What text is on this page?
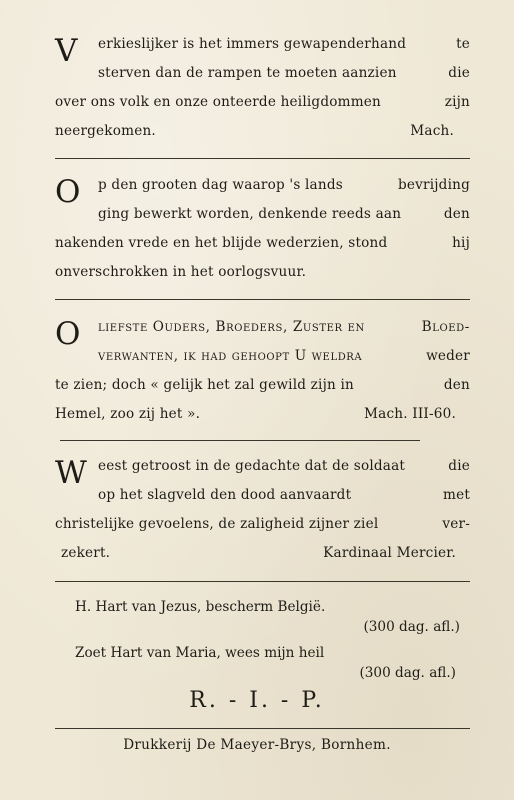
V erkieslijker is het immers gewapenderhand	te
sterven dan de rampen te moeten aanzien	die
over ons volk en onze onteerde heiligdommen	zijn
neergekomen.	Mach.
O p den grooten dag waarop 's lands	bevrijding
ging bewerkt worden, denkende reeds aan	den
nakenden vrede en het blijde wederzien, stond	hij
onverschrokken in het oorlogsvuur.
O liefste Ouders, Broeders, Zuster en	Bloed-
verwanten, ik had gehoopt U weldra	weder
te zien; doch « gelijk het zal gewild zijn in	den
Hemel, zoo zij het ».	Mach. III-60.
W eest getroost in de gedachte dat de soldaat	die
op het slagveld den dood aanvaardt	met
christelijke gevoelens, de zaligheid zijner ziel	ver-
zekert.	Kardinaal Mercier.
H. Hart van Jezus, bescherm België.
(300 dag. afl.)
Zoet Hart van Maria, wees mijn heil
(300 dag. afl.)
R. - I. - P.
Drukkerij De Maeyer-Brys, Bornhem.
